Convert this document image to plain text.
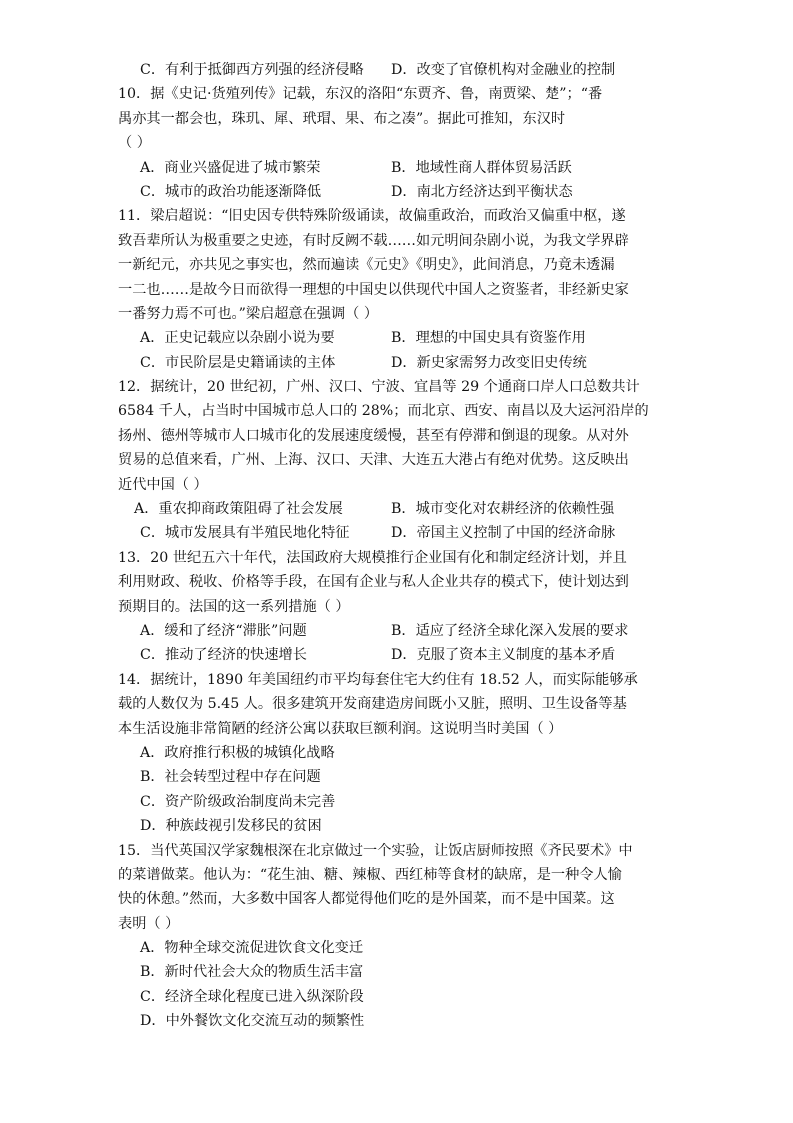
C．有利于抵御西方列强的经济侵略	D．改变了官僚机构对金融业的控制
10．据《史记·货殖列传》记载，东汉的洛阳“东贾齐、鲁，南贾梁、楚”；“番
禺亦其一都会也，珠玑、犀、玳瑁、果、布之凑”。据此可推知，东汉时
（ ）
A．商业兴盛促进了城市繁荣	B．地域性商人群体贸易活跃
C．城市的政治功能逐渐降低	D．南北方经济达到平衡状态
11．梁启超说：“旧史因专供特殊阶级诵读，故偏重政治，而政治又偏重中枢，遂
致吾辈所认为极重要之史迹，有时反阙不载……如元明间杂剧小说，为我文学界辟
一新纪元，亦共见之事实也，然而遍读《元史》《明史》，此间消息，乃竟未透漏
一二也……是故今日而欲得一理想的中国史以供现代中国人之资鉴者，非经新史家
一番努力焉不可也。”梁启超意在强调（ ）
A．正史记载应以杂剧小说为要	B．理想的中国史具有资鉴作用
C．市民阶层是史籍诵读的主体	D．新史家需努力改变旧史传统
12．据统计，20 世纪初，广州、汉口、宁波、宜昌等 29 个通商口岸人口总数共计
6584 千人，占当时中国城市总人口的 28%；而北京、西安、南昌以及大运河沿岸的
扬州、德州等城市人口城市化的发展速度缓慢，甚至有停滞和倒退的现象。从对外
贸易的总值来看，广州、上海、汉口、天津、大连五大港占有绝对优势。这反映出
近代中国（ ）
A．重农抑商政策阻碍了社会发展	B．城市变化对农耕经济的依赖性强
C．城市发展具有半殖民地化特征	D．帝国主义控制了中国的经济命脉
13．20 世纪五六十年代，法国政府大规模推行企业国有化和制定经济计划，并且
利用财政、税收、价格等手段，在国有企业与私人企业共存的模式下，使计划达到
预期目的。法国的这一系列措施（ ）
A．缓和了经济“滞胀”问题	B．适应了经济全球化深入发展的要求
C．推动了经济的快速增长	D．克服了资本主义制度的基本矛盾
14．据统计，1890 年美国纽约市平均每套住宅大约住有 18.52 人，而实际能够承
载的人数仅为 5.45 人。很多建筑开发商建造房间既小又脏，照明、卫生设备等基
本生活设施非常简陋的经济公寓以获取巨额利润。这说明当时美国（ ）
A．政府推行积极的城镇化战略
B．社会转型过程中存在问题
C．资产阶级政治制度尚未完善
D．种族歧视引发移民的贫困
15．当代英国汉学家魏根深在北京做过一个实验，让饭店厨师按照《齐民要术》中
的菜谱做菜。他认为：“花生油、糖、辣椒、西红柿等食材的缺席，是一种令人愉
快的休憩。”然而，大多数中国客人都觉得他们吃的是外国菜，而不是中国菜。这
表明（ ）
A．物种全球交流促进饮食文化变迁
B．新时代社会大众的物质生活丰富
C．经济全球化程度已进入纵深阶段
D．中外餐饮文化交流互动的频繁性
